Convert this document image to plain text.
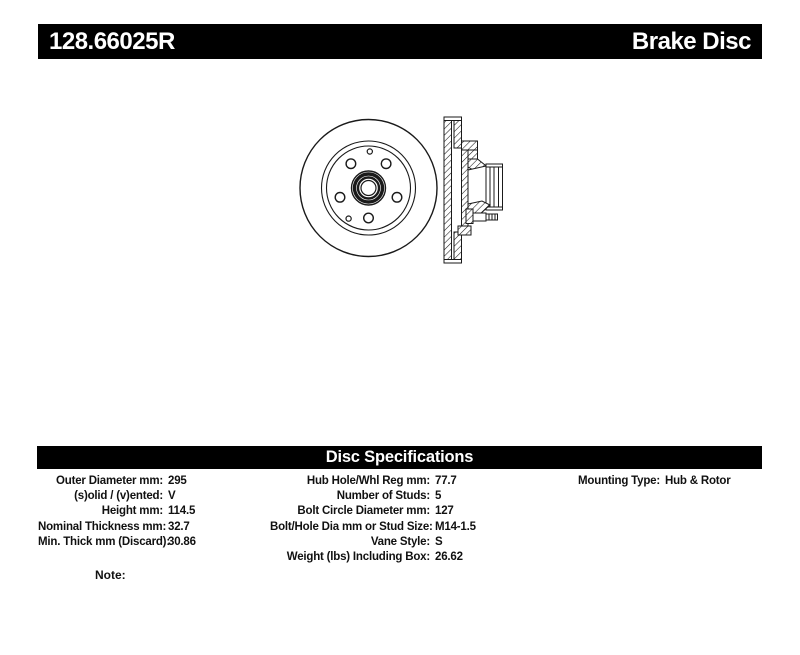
128.66025R	Brake Disc
Disc Specifications
Outer Diameter mm: 295
(s)olid / (v)ented: V
Height mm: 114.5
Nominal Thickness mm: 32.7
Min. Thick mm (Discard):
30.86
Hub Hole/Whl Reg mm: 77.7
Number of Studs: 5
Bolt Circle Diameter mm: 127
Bolt/Hole Dia mm or Stud Size: M14-1.5
Vane Style: S
Weight (lbs) Including Box: 26.62
Mounting Type: Hub & Rotor
Note:
